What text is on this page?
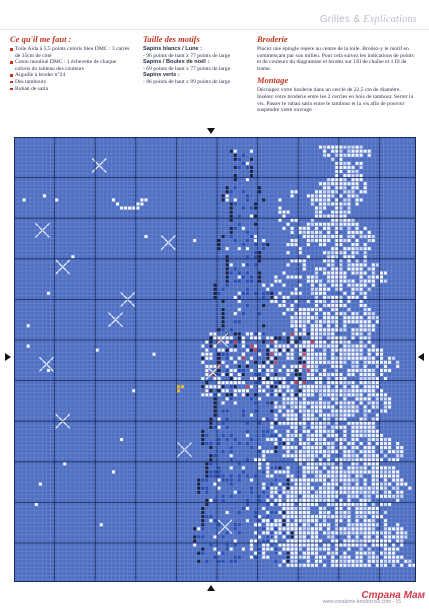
Grilles & Explications
Ce qu'il me faut :
Toile Aïda à 5,5 points coloris bleu DMC : 3 carrés de 35cm de côté
Coton mouliné DMC : 1 échevette de chaque coloris du tableau des couleurs
Aiguille à broder n°24
Des tambours
Ruban de satin
Taille des motifs
Sapins blancs / Lune :
- 96 points de haut x 77 points de large
Sapins / Boules de noël :
- 69 points de haut x 77 points de large
Sapins verts :
- 86 points de haut x 89 points de large
Broderie

Placez une épingle repère au centre de la toile. Brodez-y le motif en commençant par son milieu. Pour cela suivez les indications de points et de couleurs du diagramme et brodez sur 1fil de chaîne et 1 fil de trame.

Montage

Découpez votre broderie dans un cercle de 22,5 cm de diamètre. Insérez votre broderie entre les 2 cercles en bois de tambour. Serrer la vis. Passer le ruban satin entre le tambour et la vis afin de pouvoir suspendre votre ouvrage

www.creations-brodecroix.com - 15
Страна Мам
